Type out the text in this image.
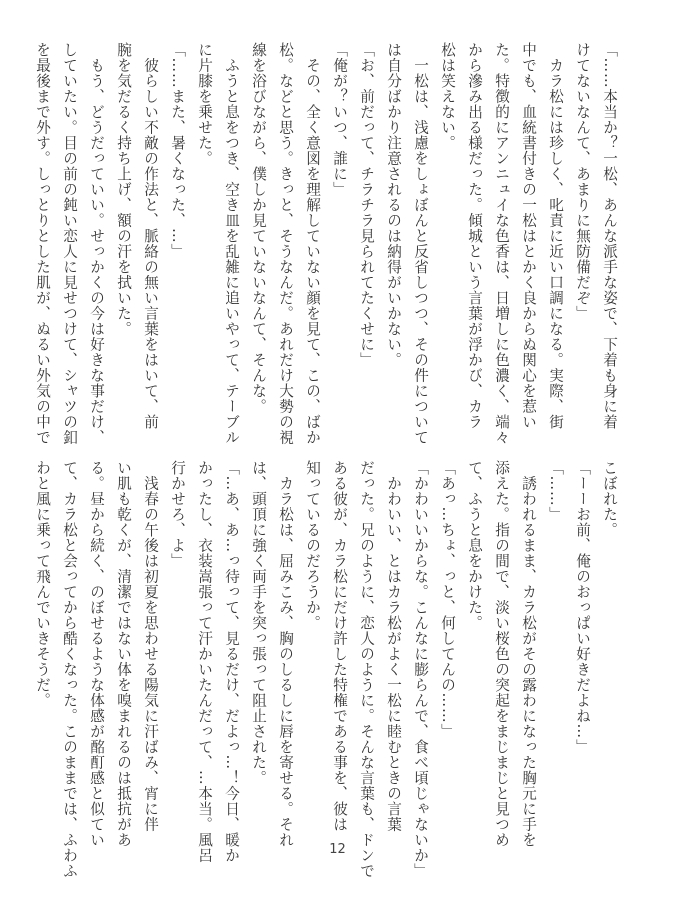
「……本当か？一松、あんな派手な姿で、下着も身に着
けてないなんて、あまりに無防備だぞ」
　カラ松には珍しく、叱責に近い口調になる。実際、街
中でも、血統書付きの一松はとかく良からぬ関心を惹い
た。特徴的にアンニュイな色香は、日増しに色濃く、端々
から滲み出る様だった。傾城という言葉が浮かび、カラ
松は笑えない。
　一松は、浅慮をしょぼんと反省しつつ、その件について
は自分ばかり注意されるのは納得がいかない。
「お、前だって、チラチラ見られてたくせに」
「俺が？いつ、誰に」
　その、全く意図を理解していない顔を見て、この、ばか
松。などと思う。きっと、そうなんだ。あれだけ大勢の視
線を浴びながら、僕しか見ていないなんて、そんな。
　ふうと息をつき、空き皿を乱雑に追いやって、テーブル
に片膝を乗せた。
「……また、暑くなった、…」
　彼らしい不敵の作法と、脈絡の無い言葉をはいて、前
腕を気だるく持ち上げ、額の汗を拭いた。
　もう、どうだっていい。せっかくの今は好きな事だけ、
していたい。目の前の鈍い恋人に見せつけて、シャツの釦
を最後まで外す。しっとりとした肌が、ぬるい外気の中で
こぼれた。
「ーーお前、俺のおっぱい好きだよね…」
「……」
　誘われるまま、カラ松がその露わになった胸元に手を
添えた。指の間で、淡い桜色の突起をまじまじと見つめ
て、ふうと息をかけた。
「あっ…ちょ、っと、何してんの……」
「かわいいからな。こんなに膨らんで、食べ頃じゃないか」
　かわいい、とはカラ松がよく一松に睦むときの言葉
だった。兄のように、恋人のように。そんな言葉も、ドンで
ある彼が、カラ松にだけ許した特権である事を、彼は
知っているのだろうか。
　カラ松は、屈みこみ、胸のしるしに唇を寄せる。それ
は、頭頂に強く両手を突っ張って阻止された。
「…あ、あ…っ待って、見るだけ、だよっ…！今日、暖か
かったし、衣装嵩張って汗かいたんだって、…本当。風呂
行かせろ、よ」
　浅春の午後は初夏を思わせる陽気に汗ばみ、宵に伴
い肌も乾くが、清潔ではない体を嗅まれるのは抵抗があ
る。昼から続く、のぼせるような体感が酩酊感と似てい
て、カラ松と会ってから酷くなった。このままでは、ふわふ
わと風に乗って飛んでいきそうだ。
12
